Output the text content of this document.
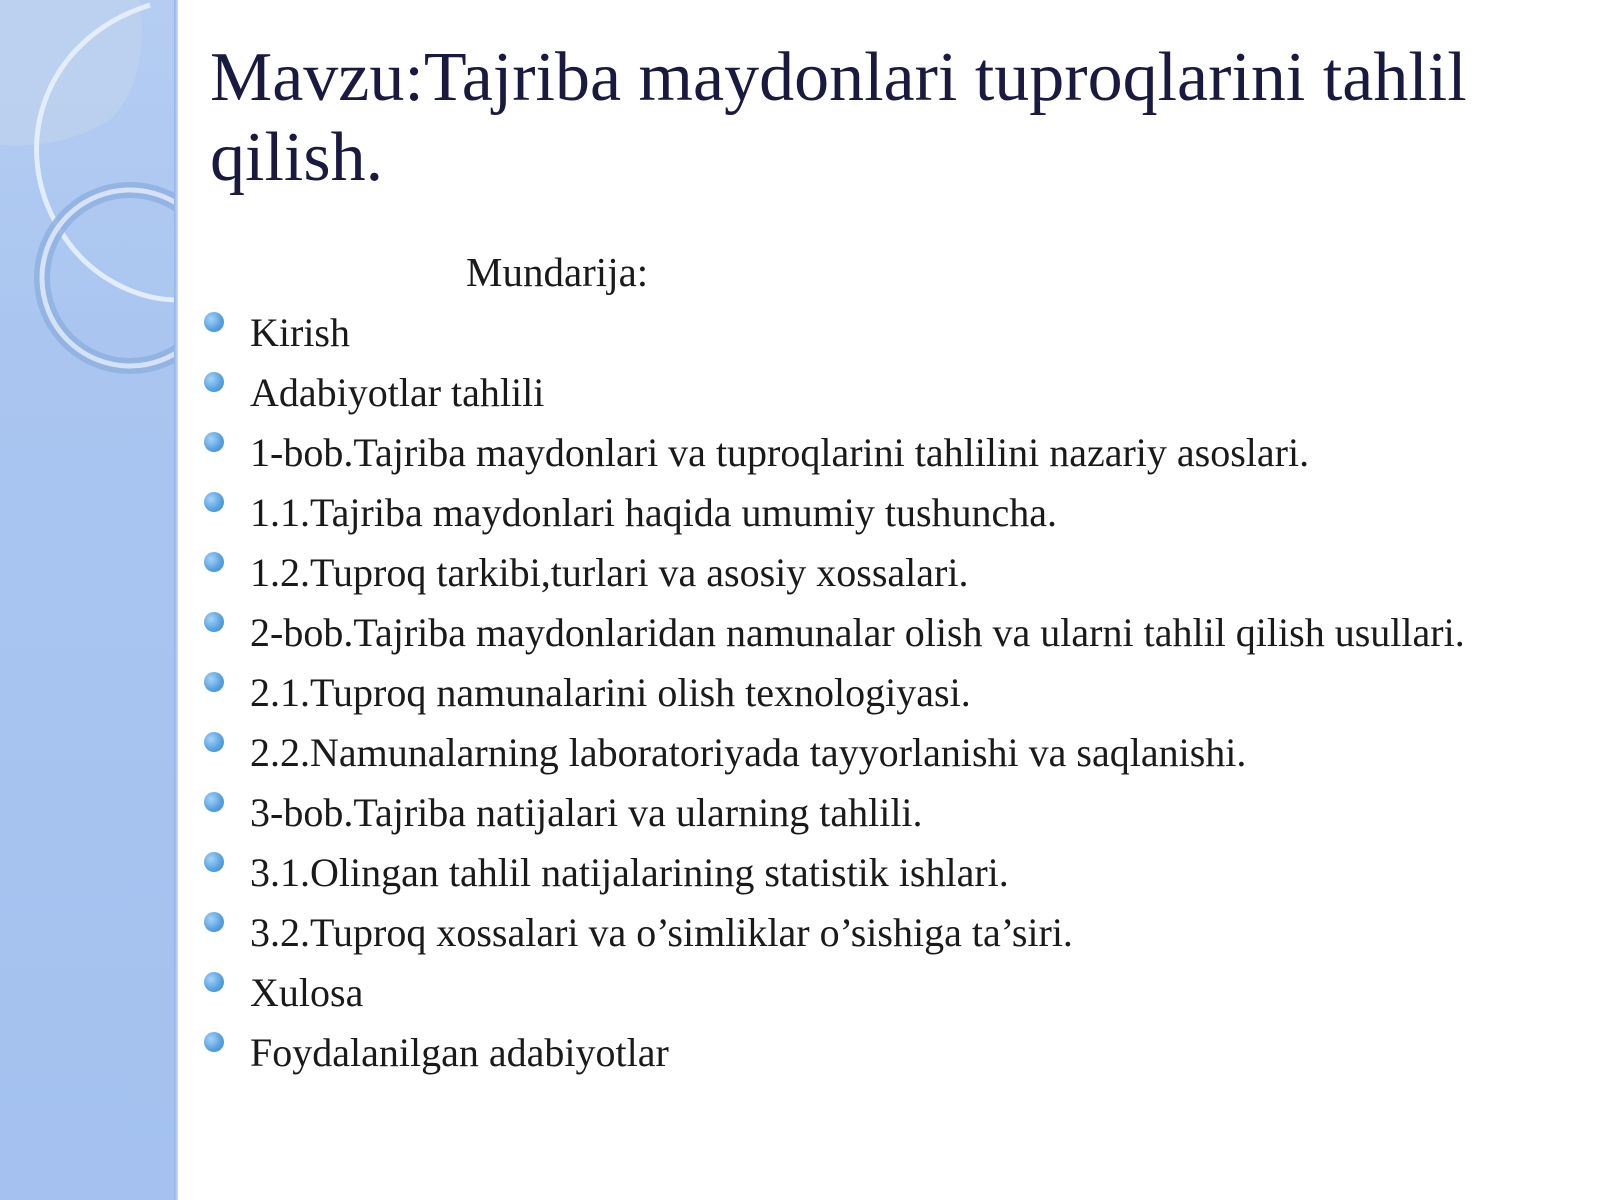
Mavzu:Tajriba maydonlari tuproqlarini tahlil qilish.
Mundarija:
Kirish
Adabiyotlar tahlili
1-bob.Tajriba maydonlari va tuproqlarini tahlilini nazariy asoslari.
1.1.Tajriba maydonlari haqida umumiy tushuncha.
1.2.Tuproq tarkibi,turlari va asosiy xossalari.
2-bob.Tajriba maydonlaridan namunalar olish va ularni tahlil qilish usullari.
2.1.Tuproq namunalarini olish texnologiyasi.
2.2.Namunalarning laboratoriyada tayyorlanishi va saqlanishi.
3-bob.Tajriba natijalari va ularning tahlili.
3.1.Olingan tahlil natijalarining statistik ishlari.
3.2.Tuproq xossalari va o’simliklar o’sishiga ta’siri.
Xulosa
Foydalanilgan adabiyotlar
